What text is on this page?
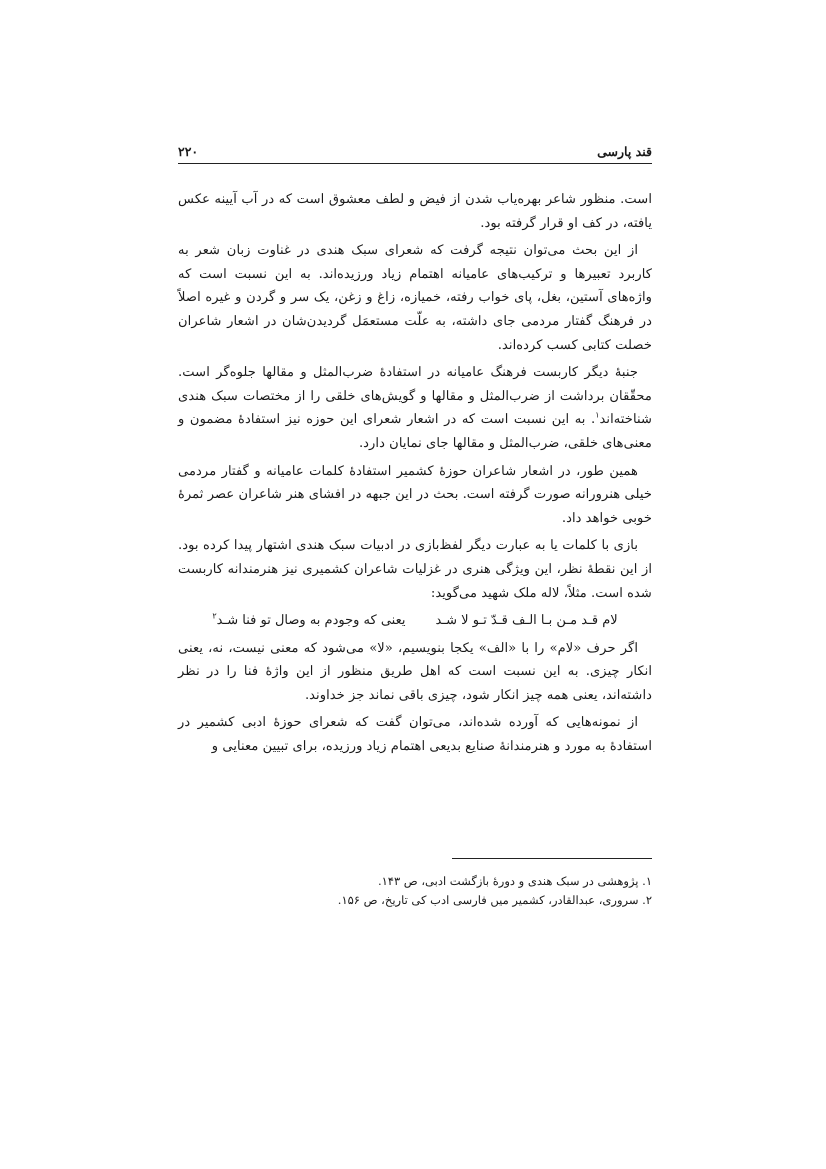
قند پارسی
۲۲۰

است. منظور شاعر بهره‌یاب شدن از فیض و لطف معشوق است که در آب آیینه عکس یافته، در کف او قرار گرفته بود.

از این بحث می‌توان نتیجه گرفت که شعرای سبک هندی در غناوت زبان شعر به کاربرد تعبیرها و ترکیب‌های عامیانه اهتمام زیاد ورزیده‌اند. به این نسبت است که واژه‌های آستین، بغل، پای خواب رفته، خمیازه، زاغ و زغن، یک سر و گردن و غیره اصلاً در فرهنگ گفتار مردمی جای داشته، به علّت مستعمَل گردیدن‌شان در اشعار شاعران خصلت کتابی کسب کرده‌اند.

جنبهٔ دیگر کاربست فرهنگ عامیانه در استفادهٔ ضرب‌المثل و مقالها جلوه‌گر است. محقّقان برداشت از ضرب‌المثل و مقالها و گویش‌های خلقی را از مختصات سبک هندی شناخته‌اند$^۱$. به این نسبت است که در اشعار شعرای این حوزه نیز استفادهٔ مضمون و معنی‌های خلقی، ضرب‌المثل و مقالها جای نمایان دارد.

همین طور، در اشعار شاعران حوزهٔ کشمیر استفادهٔ کلمات عامیانه و گفتار مردمی خیلی هنرورانه صورت گرفته است. بحث در این جبهه در افشای هنر شاعران عصر ثمرهٔ خوبی خواهد داد.

بازی با کلمات یا به عبارت دیگر لفظ‌بازی در ادبیات سبک هندی اشتهار پیدا کرده بود. از این نقطهٔ نظر، این ویژگی هنری در غزلیات شاعران کشمیری نیز هنرمندانه کاربست شده است. مثلاً، لاله ملک شهید می‌گوید:

لام قـد مـن بـا الـف قـدّ تـو لا شـد
یعنی که وجودم به وصال تو فنا شـد$^۲$

اگر حرف «لام» را با «الف» یکجا بنویسیم، «لا» می‌شود که معنی نیست، نه، یعنی انکار چیزی. به این نسبت است که اهل طریق منظور از این واژهٔ فنا را در نظر داشته‌اند، یعنی همه چیز انکار شود، چیزی باقی نماند جز خداوند.

از نمونه‌هایی که آورده شده‌اند، می‌توان گفت که شعرای حوزهٔ ادبی کشمیر در استفادهٔ به مورد و هنرمندانهٔ صنایع بدیعی اهتمام زیاد ورزیده، برای تبیین معنایی و

۱. پژوهشی در سبک هندی و دورهٔ بازگشت ادبی، ص ۱۴۳.
۲. سروری، عبدالقادر، کشمیر میں فارسی ادب کی تاریخ، ص ۱۵۶.
